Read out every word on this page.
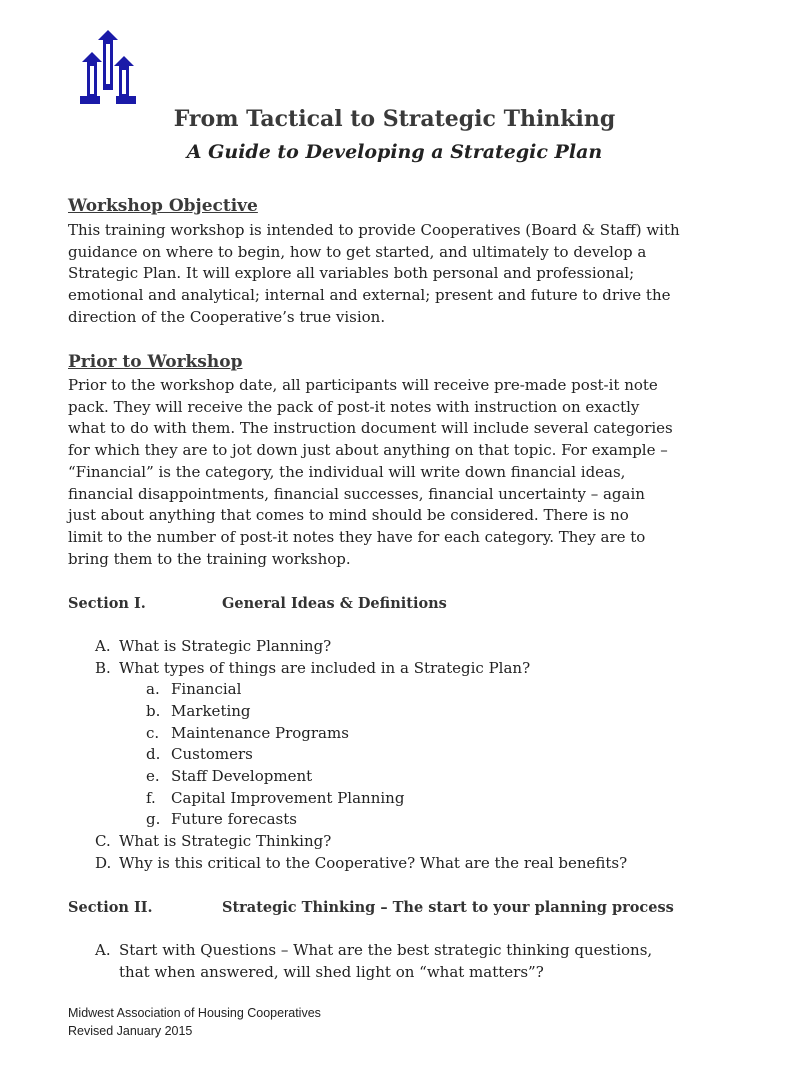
From Tactical to Strategic Thinking
A Guide to Developing a Strategic Plan
Workshop Objective
This training workshop is intended to provide Cooperatives (Board & Staff) with
guidance on where to begin, how to get started, and ultimately to develop a
Strategic Plan. It will explore all variables both personal and professional;
emotional and analytical; internal and external; present and future to drive the
direction of the Cooperative’s true vision.
Prior to Workshop
Prior to the workshop date, all participants will receive pre-made post-it note
pack. They will receive the pack of post-it notes with instruction on exactly
what to do with them. The instruction document will include several categories
for which they are to jot down just about anything on that topic. For example –
“Financial” is the category, the individual will write down financial ideas,
financial disappointments, financial successes, financial uncertainty – again
just about anything that comes to mind should be considered. There is no
limit to the number of post-it notes they have for each category. They are to
bring them to the training workshop.
Section I.	General Ideas & Definitions
A. What is Strategic Planning?
B. What types of things are included in a Strategic Plan?
a. Financial
b. Marketing
c. Maintenance Programs
d. Customers
e. Staff Development
f. Capital Improvement Planning
g. Future forecasts
C. What is Strategic Thinking?
D. Why is this critical to the Cooperative? What are the real benefits?
Section II.	Strategic Thinking – The start to your planning process
A. Start with Questions – What are the best strategic thinking questions,
that when answered, will shed light on “what matters”?
Midwest Association of Housing Cooperatives
Revised January 2015
